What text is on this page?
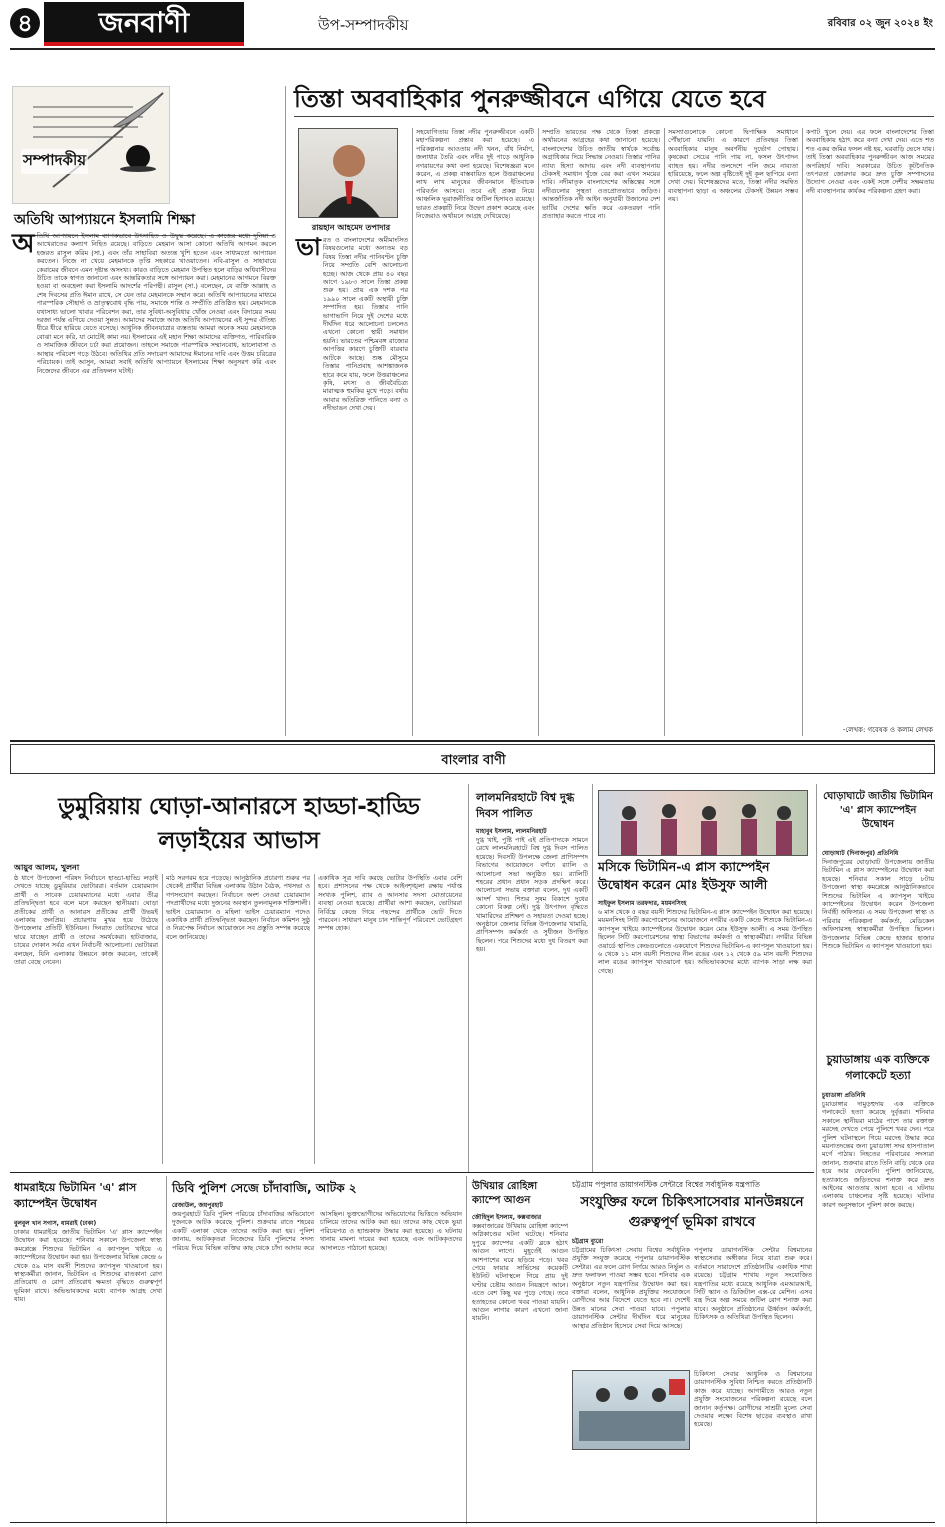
৪	জনবাণী	উপ-সম্পাদকীয়	রবিবার ০২ জুন ২০২৪ ইং
সম্পাদকীয়
অতিথি আপ্যায়নে ইসলামি শিক্ষা
অ তিথি আপ্যায়নে ইসলাম ব্যাপকভাবে উৎসাহিত ও উদ্বুদ্ধ করেছে। এ কাজের মধ্যে দুনিয়া ও আখেরাতের কল্যাণ নিহিত রয়েছে। বাড়িতে মেহমান আসা কোনো অতিথি আগমন করলে হজরত রাসুল করিম (সা.) এবং তাঁর সাহাবিরা অত্যন্ত খুশি হতেন এবং সাধ্যমতো আপ্যায়ন করতেন। নিজে না খেয়ে মেহমানকে তৃপ্তি সহকারে খাওয়াতেন। নবি-রাসুল ও সাহাবায়ে কেরামের জীবনে এমন দৃষ্টান্ত অসংখ্য। কারও বাড়িতে মেহমান উপস্থিত হলে বাড়ির অধিবাসীদের উচিত তাকে স্বাগত জানানো এবং আন্তরিকতার সঙ্গে আপ্যায়ন করা। মেহমানের আগমনে বিরক্ত হওয়া বা অবহেলা করা ইসলামি আদর্শের পরিপন্থী। রাসুল (সা.) বলেছেন, যে ব্যক্তি আল্লাহ ও শেষ দিবসের প্রতি ঈমান রাখে, সে যেন তার মেহমানকে সম্মান করে। অতিথি আপ্যায়নের মাধ্যমে পারস্পরিক সৌহার্দ্য ও ভ্রাতৃত্ববোধ বৃদ্ধি পায়, সমাজে শান্তি ও সম্প্রীতি প্রতিষ্ঠিত হয়। মেহমানকে যথাসাধ্য ভালো খাবার পরিবেশন করা, তার সুবিধা-অসুবিধার খোঁজ নেওয়া এবং বিদায়ের সময় দরজা পর্যন্ত এগিয়ে দেওয়া সুন্নত। আমাদের সমাজে আজ অতিথি আপ্যায়নের এই সুন্দর ঐতিহ্য ধীরে ধীরে হারিয়ে যেতে বসেছে। আধুনিক জীবনযাত্রার ব্যস্ততায় আমরা অনেক সময় মেহমানকে বোঝা মনে করি, যা মোটেই কাম্য নয়। ইসলামের এই মহান শিক্ষা আমাদের ব্যক্তিগত, পারিবারিক ও সামাজিক জীবনে চর্চা করা প্রয়োজন। তাহলে সমাজে পারস্পরিক সম্মানবোধ, ভালোবাসা ও আস্থার পরিবেশ গড়ে উঠবে। অতিথির প্রতি সদাচরণ আমাদের ঈমানের দাবি এবং উত্তম চরিত্রের পরিচায়ক। তাই আসুন, আমরা সবাই অতিথি আপ্যায়নে ইসলামের শিক্ষা অনুসরণ করি এবং নিজেদের জীবনে এর প্রতিফলন ঘটাই।
তিস্তা অববাহিকার পুনরুজ্জীবনে এগিয়ে যেতে হবে
রায়হান আহমেদ তপাদার
ভা রত ও বাংলাদেশের অমীমাংসিত বিষয়গুলোর মধ্যে অন্যতম বড় বিষয় তিস্তা নদীর পানিবণ্টন চুক্তি নিয়ে সম্প্রতি বেশি আলোচনা হচ্ছে। আজ থেকে প্রায় ৪০ বছর আগে ১৯৮৩ সালে তিস্তা প্রকল্প শুরু হয়। প্রায় এক দশক পর ১৯৯০ সালে একটি অস্থায়ী চুক্তি সম্পাদিত হয়। তিস্তার পানি ভাগাভাগি নিয়ে দুই দেশের মধ্যে দীর্ঘদিন ধরে আলোচনা চললেও এখনো কোনো স্থায়ী সমাধান হয়নি। ভারতের পশ্চিমবঙ্গ রাজ্যের আপত্তির কারণে চুক্তিটি বারবার আটকে আছে। শুষ্ক মৌসুমে তিস্তার পানিপ্রবাহ আশঙ্কাজনক হারে কমে যায়, ফলে উত্তরাঞ্চলের কৃষি, মৎস্য ও জীববৈচিত্র্য মারাত্মক হুমকির মুখে পড়ে। বর্ষায় আবার অতিরিক্ত পানিতে বন্যা ও নদীভাঙন দেখা দেয়।
সহযোগিতায় তিস্তা নদীর পুনরুজ্জীবনে একটি মহাপরিকল্পনা প্রস্তাব করা হয়েছে। এ পরিকল্পনার আওতায় নদী খনন, বাঁধ নির্মাণ, জলাধার তৈরি এবং নদীর দুই পাড়ে আধুনিক নগরায়ণের কথা বলা হয়েছে। বিশেষজ্ঞরা মনে করেন, এ প্রকল্প বাস্তবায়িত হলে উত্তরাঞ্চলের লাখ লাখ মানুষের জীবনমানে ইতিবাচক পরিবর্তন আসবে। তবে এই প্রকল্প নিয়ে আঞ্চলিক ভূরাজনীতির জটিল হিসাবও রয়েছে। ভারত প্রকল্পটি নিয়ে উদ্বেগ প্রকাশ করেছে এবং নিজেরাও অর্থায়নে আগ্রহ দেখিয়েছে।
সম্প্রতি ভারতের পক্ষ থেকে তিস্তা প্রকল্পে অর্থায়নের আগ্রহের কথা জানানো হয়েছে। বাংলাদেশের উচিত জাতীয় স্বার্থকে সর্বোচ্চ অগ্রাধিকার দিয়ে সিদ্ধান্ত নেওয়া। তিস্তার পানির ন্যায্য হিস্যা আদায় এবং নদী ব্যবস্থাপনায় টেকসই সমাধান খুঁজে বের করা এখন সময়ের দাবি। নদীমাতৃক বাংলাদেশের অস্তিত্বের সঙ্গে নদীগুলোর সুস্থতা ওতপ্রোতভাবে জড়িত। আন্তর্জাতিক নদী আইন অনুযায়ী উজানের দেশ ভাটির দেশের ক্ষতি করে একতরফা পানি প্রত্যাহার করতে পারে না।
সমস্যাগুলোকে কোনো দ্বিপাক্ষিক সমাধানে পৌঁছানো যায়নি। এ কারণে প্রতিবছর তিস্তা অববাহিকার মানুষ অবর্ণনীয় দুর্ভোগ পোহায়। কৃষকেরা সেচের পানি পায় না, ফসল উৎপাদন ব্যাহত হয়। নদীর তলদেশে পলি জমে নাব্যতা হারিয়েছে, ফলে অল্প বৃষ্টিতেই দুই কূল ছাপিয়ে বন্যা দেখা দেয়। বিশেষজ্ঞদের মতে, তিস্তা নদীর সমন্বিত ব্যবস্থাপনা ছাড়া এ অঞ্চলের টেকসই উন্নয়ন সম্ভব নয়।
কপাট খুলে দেয়। এর ফলে বাংলাদেশের তিস্তা অববাহিকায় হঠাৎ করে বন্যা দেখা দেয়। এতে শত শত একর জমির ফসল নষ্ট হয়, ঘরবাড়ি ভেসে যায়। তাই তিস্তা অববাহিকার পুনরুজ্জীবন আজ সময়ের অপরিহার্য দাবি। সরকারের উচিত কূটনৈতিক তৎপরতা জোরদার করে দ্রুত চুক্তি সম্পাদনের উদ্যোগ নেওয়া এবং একই সঙ্গে দেশীয় সক্ষমতায় নদী ব্যবস্থাপনার কার্যকর পরিকল্পনা গ্রহণ করা।
-লেখক: গবেষক ও কলাম লেখক
বাংলার বাণী
ডুমুরিয়ায় ঘোড়া-আনারসে হাড্ডা-হাড্ডি
লড়াইয়ের আভাস
আয়ুব আলম, খুলনা
ষ্ঠ ধাপে উপজেলা পরিষদ নির্বাচনে হাড্ডা-হাড্ডি লড়াই দেখতে যাচ্ছে ডুমুরিয়ার ভোটাররা। বর্তমান চেয়ারম্যান প্রার্থী ও সাবেক চেয়ারম্যানের মধ্যে এবার তীব্র প্রতিদ্বন্দ্বিতা হবে বলে মনে করছেন স্থানীয়রা। ঘোড়া প্রতীকের প্রার্থী ও আনারস প্রতীকের প্রার্থী উভয়ই এলাকায় জনপ্রিয়। প্রচারণায় মুখর হয়ে উঠেছে উপজেলার প্রতিটি ইউনিয়ন। দিনরাত ভোটারদের দ্বারে দ্বারে যাচ্ছেন প্রার্থী ও তাদের সমর্থকেরা। হাটবাজার, চায়ের দোকান সর্বত্র এখন নির্বাচনী আলোচনা। ভোটাররা বলছেন, যিনি এলাকার উন্নয়নে কাজ করবেন, তাকেই তারা বেছে নেবেন।
মাঠ সরগরম হয়ে পড়েছে। আনুষ্ঠানিক প্রচারণা শুরুর পর থেকেই প্রার্থীরা বিভিন্ন এলাকায় উঠান বৈঠক, পথসভা ও গণসংযোগ করছেন। নির্বাচনে অংশ নেওয়া চেয়ারম্যান পদপ্রার্থীদের মধ্যে দুজনের অবস্থান তুলনামূলক শক্তিশালী। ভাইস চেয়ারম্যান ও মহিলা ভাইস চেয়ারম্যান পদেও একাধিক প্রার্থী প্রতিদ্বন্দ্বিতা করছেন। নির্বাচন কমিশন সুষ্ঠু ও নিরপেক্ষ নির্বাচন আয়োজনে সব প্রস্তুতি সম্পন্ন করেছে বলে জানিয়েছে।
একাধিক সূত্র দাবি করছে ভোটার উপস্থিতি এবার বেশি হবে। প্রশাসনের পক্ষ থেকে আইনশৃঙ্খলা রক্ষায় পর্যাপ্ত সংখ্যক পুলিশ, র‌্যাব ও আনসার সদস্য মোতায়েনের ব্যবস্থা নেওয়া হয়েছে। প্রার্থীরা আশা করছেন, ভোটাররা নির্বিঘ্নে কেন্দ্রে গিয়ে পছন্দের প্রার্থীকে ভোট দিতে পারবেন। সাধারণ মানুষ চান শান্তিপূর্ণ পরিবেশে ভোটগ্রহণ সম্পন্ন হোক।
লালমনিরহাটে বিশ্ব দুগ্ধ দিবস পালিত
মাহাবুব ইসলাম, লালমনিরহাট
দুগ্ধ খাই, পুষ্টি পাই এই প্রতিপাদ্যকে সামনে রেখে লালমনিরহাটে বিশ্ব দুগ্ধ দিবস পালিত হয়েছে। দিবসটি উপলক্ষে জেলা প্রাণিসম্পদ বিভাগের আয়োজনে বর্ণাঢ্য র‌্যালি ও আলোচনা সভা অনুষ্ঠিত হয়। র‌্যালিটি শহরের প্রধান প্রধান সড়ক প্রদক্ষিণ করে। আলোচনা সভায় বক্তারা বলেন, দুধ একটি আদর্শ খাদ্য। শিশুর সুষম বিকাশে দুধের কোনো বিকল্প নেই। দুগ্ধ উৎপাদন বৃদ্ধিতে খামারিদের প্রশিক্ষণ ও সহায়তা দেওয়া হচ্ছে। অনুষ্ঠানে জেলার বিভিন্ন উপজেলার খামারি, প্রাণিসম্পদ কর্মকর্তা ও সুধীজন উপস্থিত ছিলেন। পরে শিশুদের মধ্যে দুধ বিতরণ করা হয়।
মসিকে ভিটামিন-এ প্লাস ক্যাম্পেইন
উদ্বোধন করেন মোঃ ইউসুফ আলী
সাইফুল ইসলাম তরফদার, ময়মনসিংহ
৬ মাস থেকে ৫ বছর বয়সী শিশুদের ভিটামিন-এ প্লাস ক্যাম্পেইন উদ্বোধন করা হয়েছে। ময়মনসিংহ সিটি করপোরেশনের আয়োজনে নগরীর একটি কেন্দ্রে শিশুকে ভিটামিন-এ ক্যাপসুল খাইয়ে ক্যাম্পেইনের উদ্বোধন করেন মোঃ ইউসুফ আলী। এ সময় উপস্থিত ছিলেন সিটি করপোরেশনের স্বাস্থ্য বিভাগের কর্মকর্তা ও স্বাস্থ্যকর্মীরা। নগরীর বিভিন্ন ওয়ার্ডে স্থাপিত কেন্দ্রগুলোতে একযোগে শিশুদের ভিটামিন-এ ক্যাপসুল খাওয়ানো হয়। ৬ থেকে ১১ মাস বয়সী শিশুদের নীল রঙের এবং ১২ থেকে ৫৯ মাস বয়সী শিশুদের লাল রঙের ক্যাপসুল খাওয়ানো হয়। অভিভাবকদের মধ্যে ব্যাপক সাড়া লক্ষ করা গেছে।
ঘোড়াঘাটে জাতীয় ভিটামিন 'এ' প্লাস ক্যাম্পেইন উদ্বোধন
ঘোড়াঘাট (দিনাজপুর) প্রতিনিধি
দিনাজপুরের ঘোড়াঘাট উপজেলায় জাতীয় ভিটামিন এ প্লাস ক্যাম্পেইনের উদ্বোধন করা হয়েছে। শনিবার সকাল সাড়ে ৮টায় উপজেলা স্বাস্থ্য কমপ্লেক্সে আনুষ্ঠানিকভাবে শিশুদের ভিটামিন এ ক্যাপসুল খাইয়ে ক্যাম্পেইনের উদ্বোধন করেন উপজেলা নির্বাহী অফিসার। এ সময় উপজেলা স্বাস্থ্য ও পরিবার পরিকল্পনা কর্মকর্তা, মেডিকেল অফিসারসহ স্বাস্থ্যকর্মীরা উপস্থিত ছিলেন। উপজেলার বিভিন্ন কেন্দ্রে হাজার হাজার শিশুকে ভিটামিন এ ক্যাপসুল খাওয়ানো হয়।
চুয়াডাঙ্গায় এক ব্যক্তিকে গলাকেটে হত্যা
চুয়াডাঙ্গা প্রতিনিধি
চুয়াডাঙ্গার দামুড়হুদায় এক ব্যক্তিকে গলাকেটে হত্যা করেছে দুর্বৃত্তরা। শনিবার সকালে স্থানীয়রা মাঠের পাশে তার রক্তাক্ত মরদেহ দেখতে পেয়ে পুলিশে খবর দেন। পরে পুলিশ ঘটনাস্থলে গিয়ে মরদেহ উদ্ধার করে ময়নাতদন্তের জন্য চুয়াডাঙ্গা সদর হাসপাতাল মর্গে পাঠায়। নিহতের পরিবারের সদস্যরা জানান, শুক্রবার রাতে তিনি বাড়ি থেকে বের হয়ে আর ফেরেননি। পুলিশ জানিয়েছে, হত্যাকাণ্ডে জড়িতদের শনাক্ত করে দ্রুত আইনের আওতায় আনা হবে। এ ঘটনায় এলাকায় চাঞ্চল্যের সৃষ্টি হয়েছে। ঘটনার কারণ অনুসন্ধানে পুলিশ কাজ করছে।
ধামরাইয়ে ভিটামিন 'এ' প্লাস ক্যাম্পেইন উদ্বোধন
বুলবুল খান সগাস, ধামরাই (ঢাকা)
ঢাকার ধামরাইয়ে জাতীয় ভিটামিন 'এ' প্লাস ক্যাম্পেইন উদ্বোধন করা হয়েছে। শনিবার সকালে উপজেলা স্বাস্থ্য কমপ্লেক্সে শিশুদের ভিটামিন এ ক্যাপসুল খাইয়ে এ ক্যাম্পেইনের উদ্বোধন করা হয়। উপজেলার বিভিন্ন কেন্দ্রে ৬ থেকে ৫৯ মাস বয়সী শিশুদের ক্যাপসুল খাওয়ানো হয়। স্বাস্থ্যকর্মীরা জানান, ভিটামিন এ শিশুদের রাতকানা রোগ প্রতিরোধ ও রোগ প্রতিরোধ ক্ষমতা বৃদ্ধিতে গুরুত্বপূর্ণ ভূমিকা রাখে। অভিভাবকদের মধ্যে ব্যাপক আগ্রহ দেখা যায়।
ডিবি পুলিশ সেজে চাঁদাবাজি, আটক ২
রেজাউল, জয়পুরহাট
জয়পুরহাটে ডিবি পুলিশ পরিচয়ে চাঁদাবাজির অভিযোগে দুজনকে আটক করেছে পুলিশ। শুক্রবার রাতে শহরের একটি এলাকা থেকে তাদের আটক করা হয়। পুলিশ জানায়, আটককৃতরা নিজেদের ডিবি পুলিশের সদস্য পরিচয় দিয়ে বিভিন্ন ব্যক্তির কাছ থেকে চাঁদা আদায় করে আসছিল। ভুক্তভোগীদের অভিযোগের ভিত্তিতে অভিযান চালিয়ে তাদের আটক করা হয়। তাদের কাছ থেকে ভুয়া পরিচয়পত্র ও হ্যান্ডকাফ উদ্ধার করা হয়েছে। এ ঘটনায় থানায় মামলা দায়ের করা হয়েছে এবং আটককৃতদের আদালতে পাঠানো হয়েছে।
উখিয়ার রোহিঙ্গা ক্যাম্পে আগুন
জৌহিদুল ইসলাম, কক্সবাজার
কক্সবাজারের উখিয়ায় রোহিঙ্গা ক্যাম্পে অগ্নিকাণ্ডের ঘটনা ঘটেছে। শনিবার দুপুরে ক্যাম্পের একটি ব্লকে হঠাৎ আগুন লাগে। মুহূর্তেই আগুন আশপাশের ঘরে ছড়িয়ে পড়ে। খবর পেয়ে ফায়ার সার্ভিসের কয়েকটি ইউনিট ঘটনাস্থলে গিয়ে প্রায় দুই ঘণ্টার চেষ্টায় আগুন নিয়ন্ত্রণে আনে। এতে বেশ কিছু ঘর পুড়ে গেছে। তবে হতাহতের কোনো খবর পাওয়া যায়নি। আগুন লাগার কারণ এখনো জানা যায়নি।
চট্টগ্রাম পপুলার ডায়াগনস্টিক সেন্টারে বিশ্বের সর্বাধুনিক যন্ত্রপাতি
সংযুক্তির ফলে চিকিৎসাসেবার মানউন্নয়নে
গুরুত্বপূর্ণ ভূমিকা রাখবে
চট্টগ্রাম ব্যুরো
চট্টগ্রামের চিকিৎসা সেবায় বিশ্বের সর্বাধুনিক প্রযুক্তি সংযুক্ত করেছে পপুলার ডায়াগনস্টিক সেন্টার। এর ফলে রোগ নির্ণয়ে আরও নির্ভুল ও দ্রুত ফলাফল পাওয়া সম্ভব হবে। শনিবার এক অনুষ্ঠানে নতুন যন্ত্রপাতির উদ্বোধন করা হয়। বক্তারা বলেন, আধুনিক প্রযুক্তির সংযোজনে রোগীদের আর বিদেশে যেতে হবে না। দেশেই উন্নত মানের সেবা পাওয়া যাবে। পপুলার ডায়াগনস্টিক সেন্টার দীর্ঘদিন ধরে মানুষের আস্থার প্রতিষ্ঠান হিসেবে সেবা দিয়ে আসছে।
পপুলার ডায়াগনস্টিক সেন্টার বিশ্বমানের স্বাস্থ্যসেবার অঙ্গীকার নিয়ে যাত্রা শুরু করে। বর্তমানে সারাদেশে প্রতিষ্ঠানটির একাধিক শাখা রয়েছে। চট্টগ্রাম শাখায় নতুন সংযোজিত যন্ত্রপাতির মধ্যে রয়েছে আধুনিক এমআরআই, সিটি স্ক্যান ও ডিজিটাল এক্স-রে মেশিন। এসব যন্ত্র দিয়ে অল্প সময়ে জটিল রোগ শনাক্ত করা যাবে। অনুষ্ঠানে প্রতিষ্ঠানের ঊর্ধ্বতন কর্মকর্তা, চিকিৎসক ও অতিথিরা উপস্থিত ছিলেন।
চিকিৎসা সেবার আধুনিক ও বিশ্বমানের ডায়াগনস্টিক সুবিধা নিশ্চিত করতে প্রতিষ্ঠানটি কাজ করে যাচ্ছে। আগামীতে আরও নতুন প্রযুক্তি সংযোজনের পরিকল্পনা রয়েছে বলে জানান কর্তৃপক্ষ। রোগীদের সাশ্রয়ী মূল্যে সেবা দেওয়ার লক্ষ্যে বিশেষ ছাড়ের ব্যবস্থাও রাখা হয়েছে।
